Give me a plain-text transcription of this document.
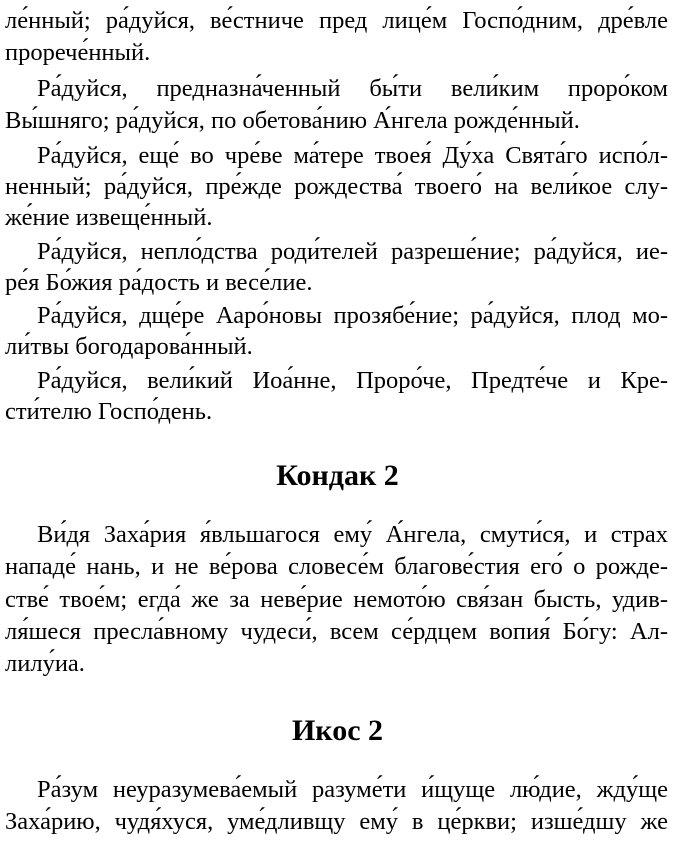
ле́нный; ра́дуйся, ве́стниче пред лице́м Госпо́дним, дре́вле
прорече́нный.
Ра́дуйся, предназна́ченный бы́ти вели́ким проро́ком
Вы́шняго; ра́дуйся, по обетова́нию А́нгела рожде́нный.
Ра́дуйся, еще́ во чре́ве ма́тере твоея́ Ду́ха Свята́го испо́л-
ненный; ра́дуйся, пре́жде рождества́ твоего́ на вели́кое слу-
же́ние извеще́нный.
Ра́дуйся, непло́дства роди́телей разреше́ние; ра́дуйся, ие-
ре́я Бо́жия ра́дость и весе́лие.
Ра́дуйся, дще́ре Ааро́новы прозябе́ние; ра́дуйся, плод мо-
ли́твы богодарова́нный.
Ра́дуйся, вели́кий Иоа́нне, Проро́че, Предте́че и Кре-
сти́телю Госпо́день.
Кондак 2
Ви́дя Заха́рия я́вльшагося ему́ А́нгела, смути́ся, и страх
нападе́ нань, и не ве́рова словесе́м благове́стия его́ о рожде-
стве́ твое́м; егда́ же за неве́рие немото́ю свя́зан бысть, удив-
ля́шеся пресла́вному чудеси́, всем се́рдцем вопия́ Бо́гу: Ал-
лилу́иа.
Икос 2
Ра́зум неуразумева́емый разуме́ти и́щуще лю́дие, жду́ще
Заха́рию, чудя́хуся, уме́дливщу ему́ в це́ркви; изше́дшу же
